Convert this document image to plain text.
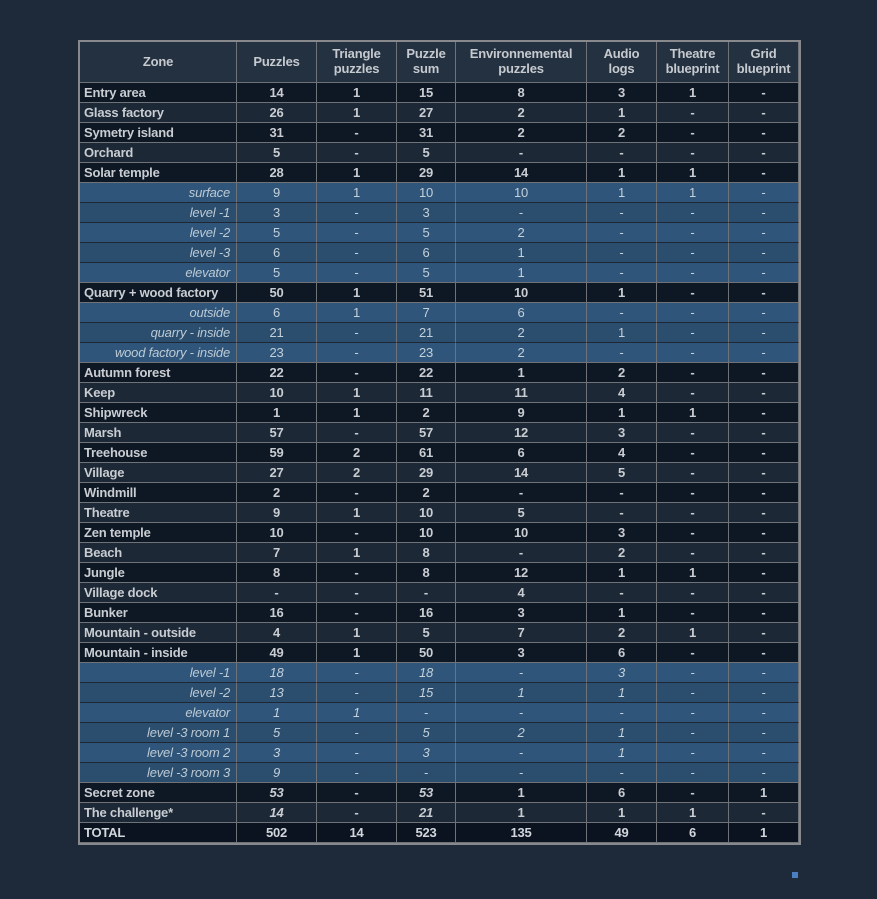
Zone	Puzzles	Triangle puzzles	Puzzle sum	Environnemental puzzles	Audio logs	Theatre blueprint	Grid blueprint
Entry area	14	1	15	8	3	1	-
Glass factory	26	1	27	2	1	-	-
Symetry island	31	-	31	2	2	-	-
Orchard	5	-	5	-	-	-	-
Solar temple	28	1	29	14	1	1	-
surface	9	1	10	10	1	1	-
level -1	3	-	3	-	-	-	-
level -2	5	-	5	2	-	-	-
level -3	6	-	6	1	-	-	-
elevator	5	-	5	1	-	-	-
Quarry + wood factory	50	1	51	10	1	-	-
outside	6	1	7	6	-	-	-
quarry - inside	21	-	21	2	1	-	-
wood factory - inside	23	-	23	2	-	-	-
Autumn forest	22	-	22	1	2	-	-
Keep	10	1	11	11	4	-	-
Shipwreck	1	1	2	9	1	1	-
Marsh	57	-	57	12	3	-	-
Treehouse	59	2	61	6	4	-	-
Village	27	2	29	14	5	-	-
Windmill	2	-	2	-	-	-	-
Theatre	9	1	10	5	-	-	-
Zen temple	10	-	10	10	3	-	-
Beach	7	1	8	-	2	-	-
Jungle	8	-	8	12	1	1	-
Village dock	-	-	-	4	-	-	-
Bunker	16	-	16	3	1	-	-
Mountain - outside	4	1	5	7	2	1	-
Mountain - inside	49	1	50	3	6	-	-
level -1	18	-	18	-	3	-	-
level -2	13	-	15	1	1	-	-
elevator	1	1	-	-	-	-	-
level -3 room 1	5	-	5	2	1	-	-
level -3 room 2	3	-	3	-	1	-	-
level -3 room 3	9	-	-	-	-	-	-
Secret zone	53	-	53	1	6	-	1
The challenge*	14	-	21	1	1	1	-
TOTAL	502	14	523	135	49	6	1
